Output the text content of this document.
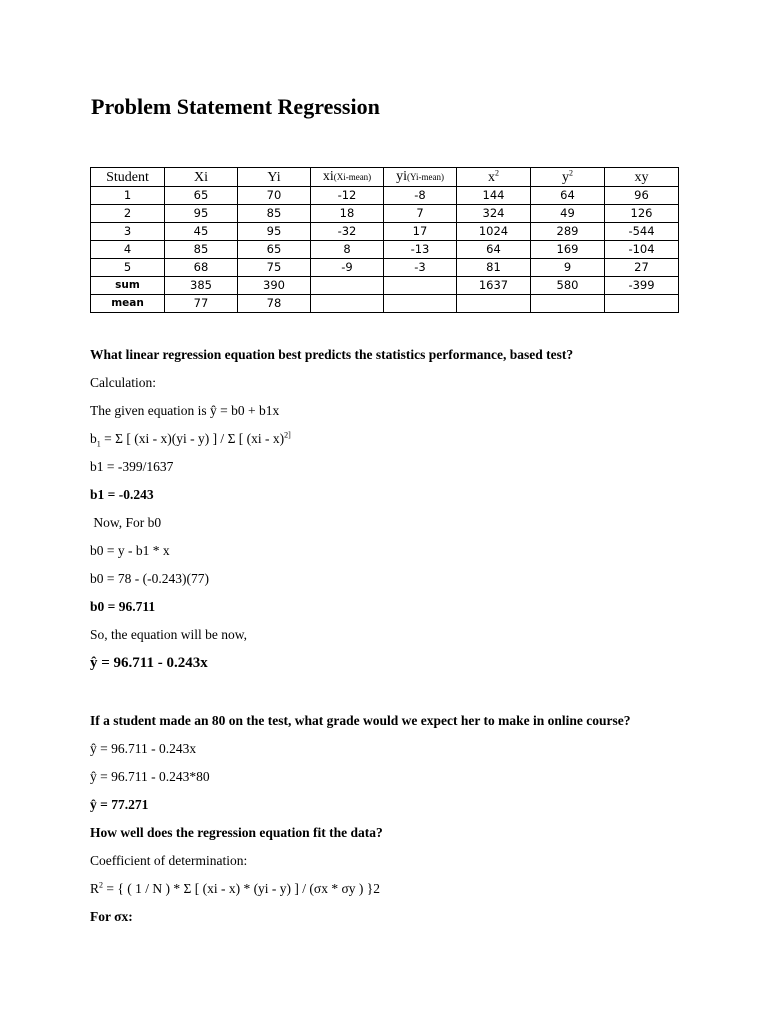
Problem Statement Regression
Student	Xi	Yi	xi(Xi-mean)	yi(Yi-mean)	$x^2$	$y^2$	xy
1	65	70	-12	-8	144	64	96
2	95	85	18	7	324	49	126
3	45	95	-32	17	1024	289	-544
4	85	65	8	-13	64	169	-104
5	68	75	-9	-3	81	9	27
sum	385	390			1637	580	-399
mean	77	78					
What linear regression equation best predicts the statistics performance, based test?
Calculation:
The given equation is ŷ = b0 + b1x
$b_1 = \Sigma$ [ (xi - x)(yi - y) ] / Σ [ (xi - x)$^{2]}$
b1 = -399/1637
b1 = -0.243
Now, For b0
b0 = y - b1 * x
b0 = 78 - (-0.243)(77)
b0 = 96.711
So, the equation will be now,
ŷ = 96.711 - 0.243x
If a student made an 80 on the test, what grade would we expect her to make in online course?
ŷ = 96.711 - 0.243x
ŷ = 96.711 - 0.243*80
ŷ = 77.271
How well does the regression equation fit the data?
Coefficient of determination:
$R^2$ = { ( 1 / N ) * Σ [ (xi - x) * (yi - y) ] / (σx * σy ) }2
For σx:
